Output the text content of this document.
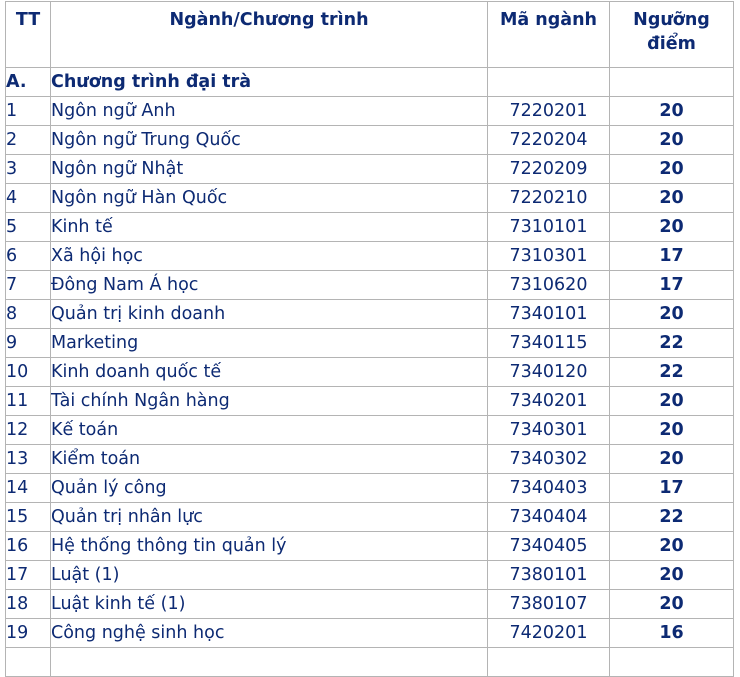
TT	Ngành/Chương trình	Mã ngành	Ngưỡng
điểm

A.	Chương trình đại trà		
1	Ngôn ngữ Anh	7220201	20
2	Ngôn ngữ Trung Quốc	7220204	20
3	Ngôn ngữ Nhật	7220209	20
4	Ngôn ngữ Hàn Quốc	7220210	20
5	Kinh tế	7310101	20
6	Xã hội học	7310301	17
7	Đông Nam Á học	7310620	17
8	Quản trị kinh doanh	7340101	20
9	Marketing	7340115	22
10	Kinh doanh quốc tế	7340120	22
11	Tài chính Ngân hàng	7340201	20
12	Kế toán	7340301	20
13	Kiểm toán	7340302	20
14	Quản lý công	7340403	17
15	Quản trị nhân lực	7340404	22
16	Hệ thống thông tin quản lý	7340405	20
17	Luật (1)	7380101	20
18	Luật kinh tế (1)	7380107	20
19	Công nghệ sinh học	7420201	16
